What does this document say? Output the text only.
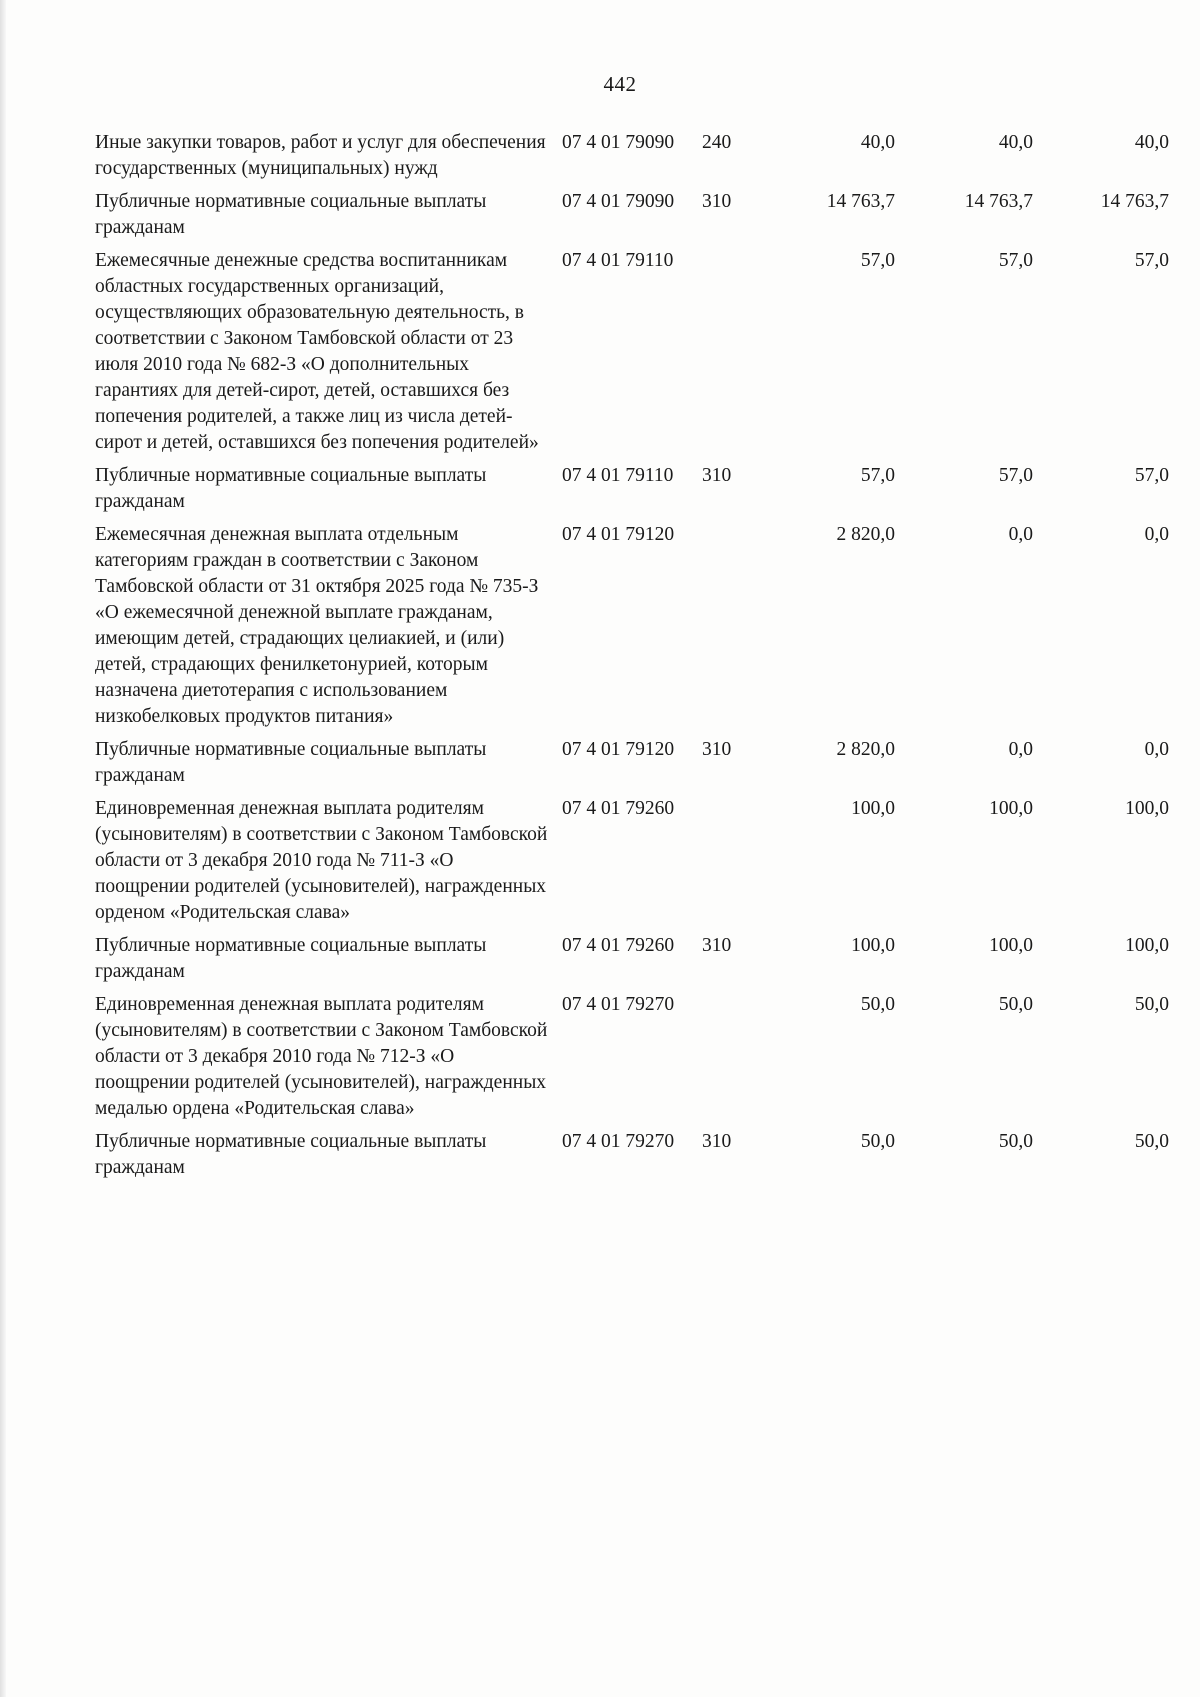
442
Иные закупки товаров, работ и услуг для обеспечения государственных (муниципальных) нужд	07 4 01 79090	240	40,0	40,0	40,0
Публичные нормативные социальные выплаты гражданам	07 4 01 79090	310	14 763,7	14 763,7	14 763,7
Ежемесячные денежные средства воспитанникам областных государственных организаций, осуществляющих образовательную деятельность, в соответствии с Законом Тамбовской области от 23 июля 2010 года № 682-З «О дополнительных гарантиях для детей-сирот, детей, оставшихся без попечения родителей, а также лиц из числа детей-сирот и детей, оставшихся без попечения родителей»	07 4 01 79110		57,0	57,0	57,0
Публичные нормативные социальные выплаты гражданам	07 4 01 79110	310	57,0	57,0	57,0
Ежемесячная денежная выплата отдельным категориям граждан в соответствии с Законом Тамбовской области от 31 октября 2025 года № 735-З «О ежемесячной денежной выплате гражданам, имеющим детей, страдающих целиакией, и (или) детей, страдающих фенилкетонурией, которым назначена диетотерапия с использованием низкобелковых продуктов питания»	07 4 01 79120		2 820,0	0,0	0,0
Публичные нормативные социальные выплаты гражданам	07 4 01 79120	310	2 820,0	0,0	0,0
Единовременная денежная выплата родителям (усыновителям) в соответствии с Законом Тамбовской области от 3 декабря 2010 года № 711-З «О поощрении родителей (усыновителей), награжденных орденом «Родительская слава»	07 4 01 79260		100,0	100,0	100,0
Публичные нормативные социальные выплаты гражданам	07 4 01 79260	310	100,0	100,0	100,0
Единовременная денежная выплата родителям (усыновителям) в соответствии с Законом Тамбовской области от 3 декабря 2010 года № 712-З «О поощрении родителей (усыновителей), награжденных медалью ордена «Родительская слава»	07 4 01 79270		50,0	50,0	50,0
Публичные нормативные социальные выплаты гражданам	07 4 01 79270	310	50,0	50,0	50,0
